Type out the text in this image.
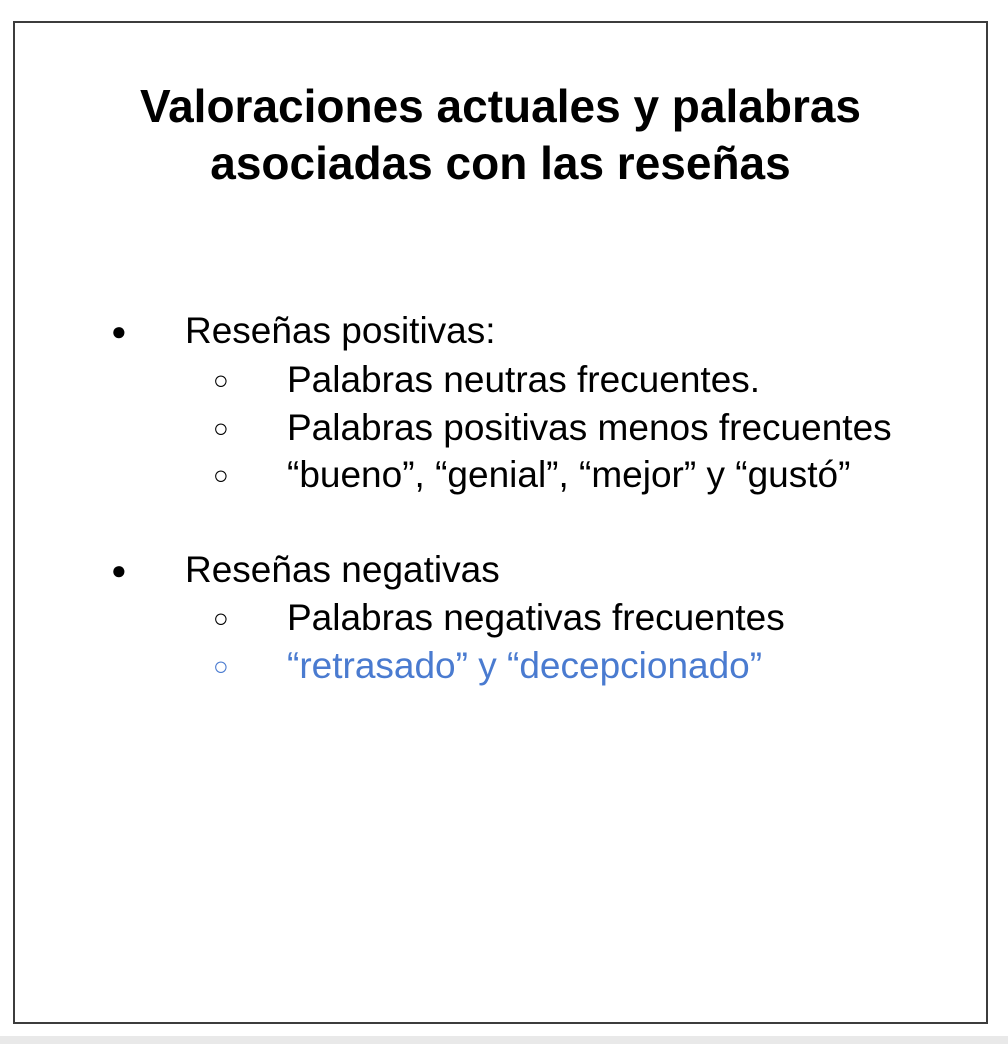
Valoraciones actuales y palabras
asociadas con las reseñas
● Reseñas positivas:
○ Palabras neutras frecuentes.
○ Palabras positivas menos frecuentes
○ “bueno”, “genial”, “mejor” y “gustó”
● Reseñas negativas
○ Palabras negativas frecuentes
○ “retrasado” y “decepcionado”
